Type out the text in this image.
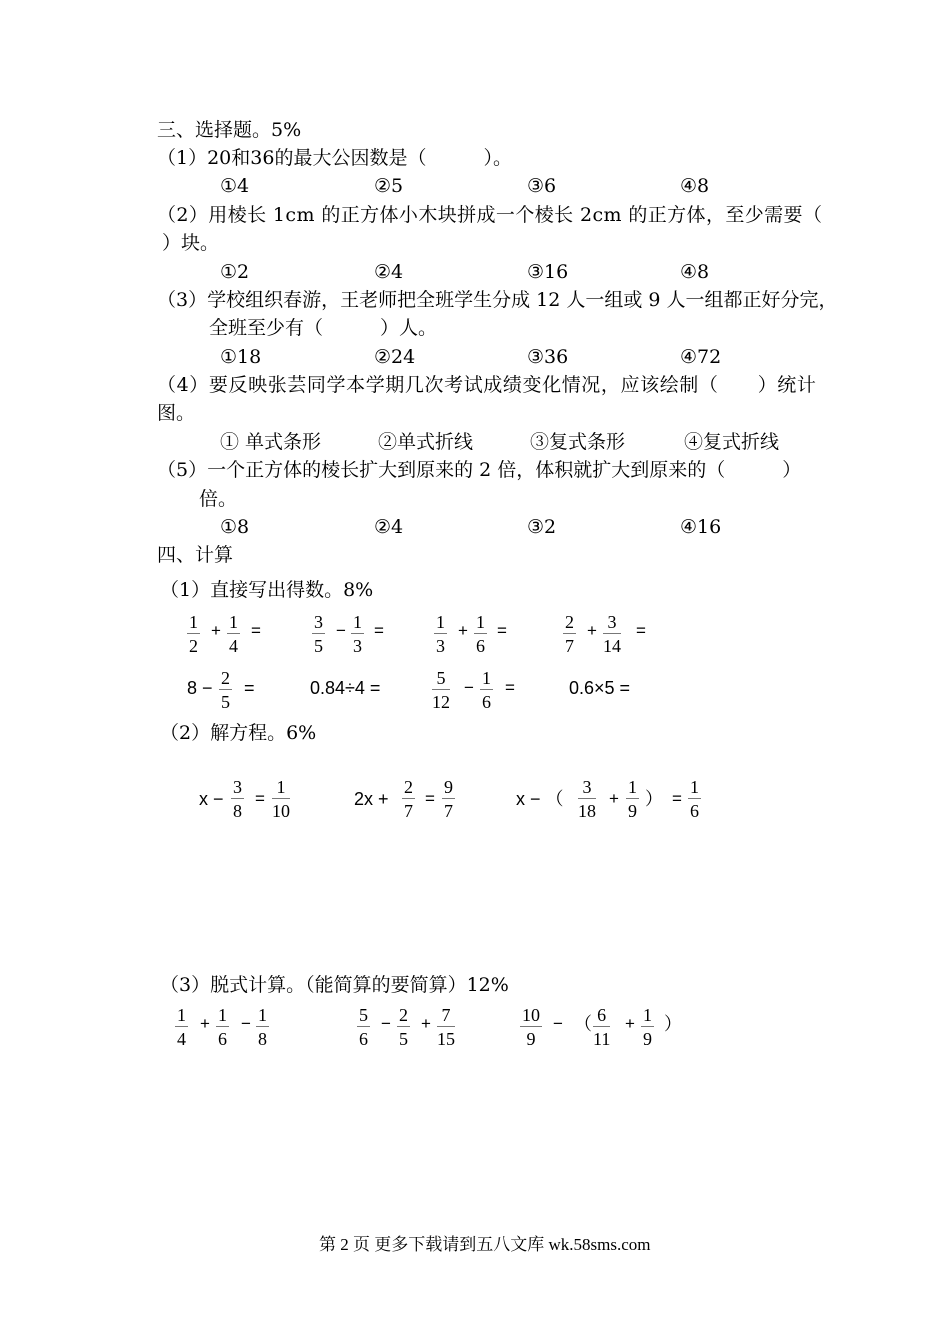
三、选择题。5%
（1）20和36的最大公因数是（　　　）。
①4	②5	③6	④8
（2）用棱长 1cm 的正方体小木块拼成一个棱长 2cm 的正方体，至少需要（
）块。
①2	②4	③16	④8
（3）学校组织春游，王老师把全班学生分成 12 人一组或 9 人一组都正好分完，
全班至少有（　　　）人。
①18	②24	③36	④72
（4）要反映张芸同学本学期几次考试成绩变化情况，应该绘制（　　）统计
图。
① 单式条形	②单式折线	③复式条形	④复式折线
（5）一个正方体的棱长扩大到原来的 2 倍，体积就扩大到原来的（　　　）
倍。
①8	②4	③2	④16
四、计算
（1）直接写出得数。8%
$\frac{1}{2} + \frac{1}{4}$ =	$\frac{3}{5} - \frac{1}{3}$ =	$\frac{1}{3} + \frac{1}{6}$ =	$\frac{2}{7} + \frac{3}{14}$ =
$8 - \frac{2}{5}$ =	0.84÷4 =	$\frac{5}{12} - \frac{1}{6}$ =	0.6×5 =
（2）解方程。6%
$x - \frac{3}{8} = \frac{1}{10}$	$2x + \frac{2}{7} = \frac{9}{7}$	x − （ $\frac{3}{18} + \frac{1}{9}$ ） = $\frac{1}{6}$
（3）脱式计算。（能简算的要简算）12%
$\frac{1}{4} + \frac{1}{6} - \frac{1}{8}$	$\frac{5}{6} - \frac{2}{5} + \frac{7}{15}$	$\frac{10}{9}$ − （ $\frac{6}{11} + \frac{1}{9}$ ）
第 2 页 更多下载请到五八文库 wk.58sms.com
